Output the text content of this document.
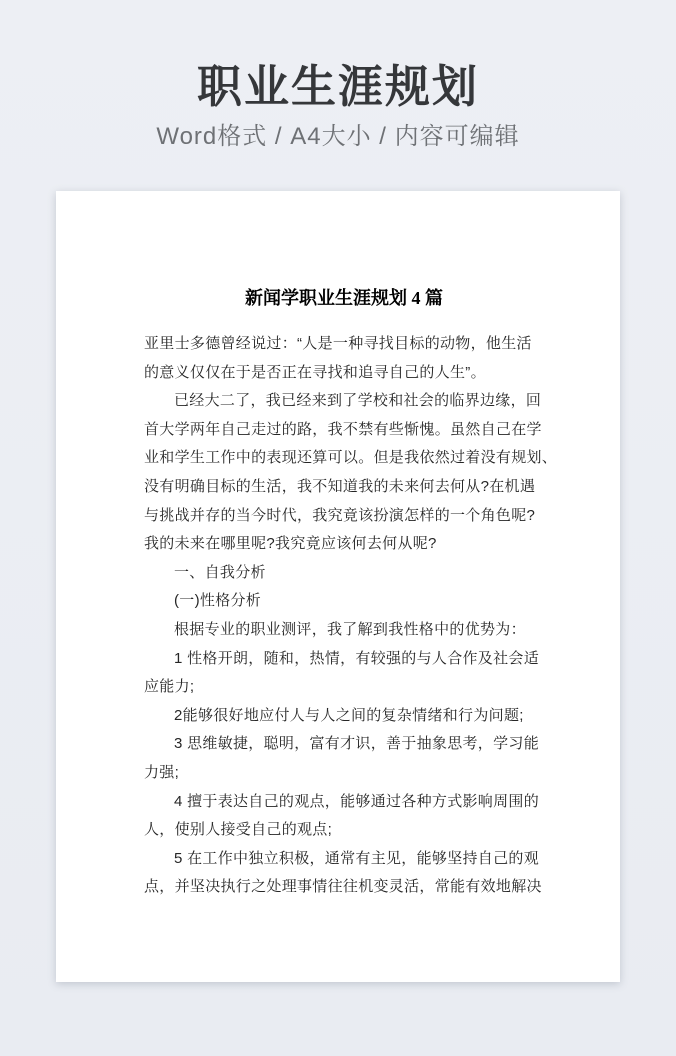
职业生涯规划
Word格式 / A4大小 / 内容可编辑
新闻学职业生涯规划 4 篇
亚里士多德曾经说过：“人是一种寻找目标的动物，他生活
的意义仅仅在于是否正在寻找和追寻自己的人生”。
已经大二了，我已经来到了学校和社会的临界边缘，回
首大学两年自己走过的路，我不禁有些惭愧。虽然自己在学
业和学生工作中的表现还算可以。但是我依然过着没有规划、
没有明确目标的生活，我不知道我的未来何去何从?在机遇
与挑战并存的当今时代，我究竟该扮演怎样的一个角色呢?
我的未来在哪里呢?我究竟应该何去何从呢?
一、自我分析
(一)性格分析
根据专业的职业测评，我了解到我性格中的优势为：
1 性格开朗，随和，热情，有较强的与人合作及社会适
应能力;
2能够很好地应付人与人之间的复杂情绪和行为问题;
3 思维敏捷，聪明，富有才识，善于抽象思考，学习能
力强;
4 擅于表达自己的观点，能够通过各种方式影响周围的
人，使别人接受自己的观点;
5 在工作中独立积极，通常有主见，能够坚持自己的观
点，并坚决执行之处理事情往往机变灵活，常能有效地解决
